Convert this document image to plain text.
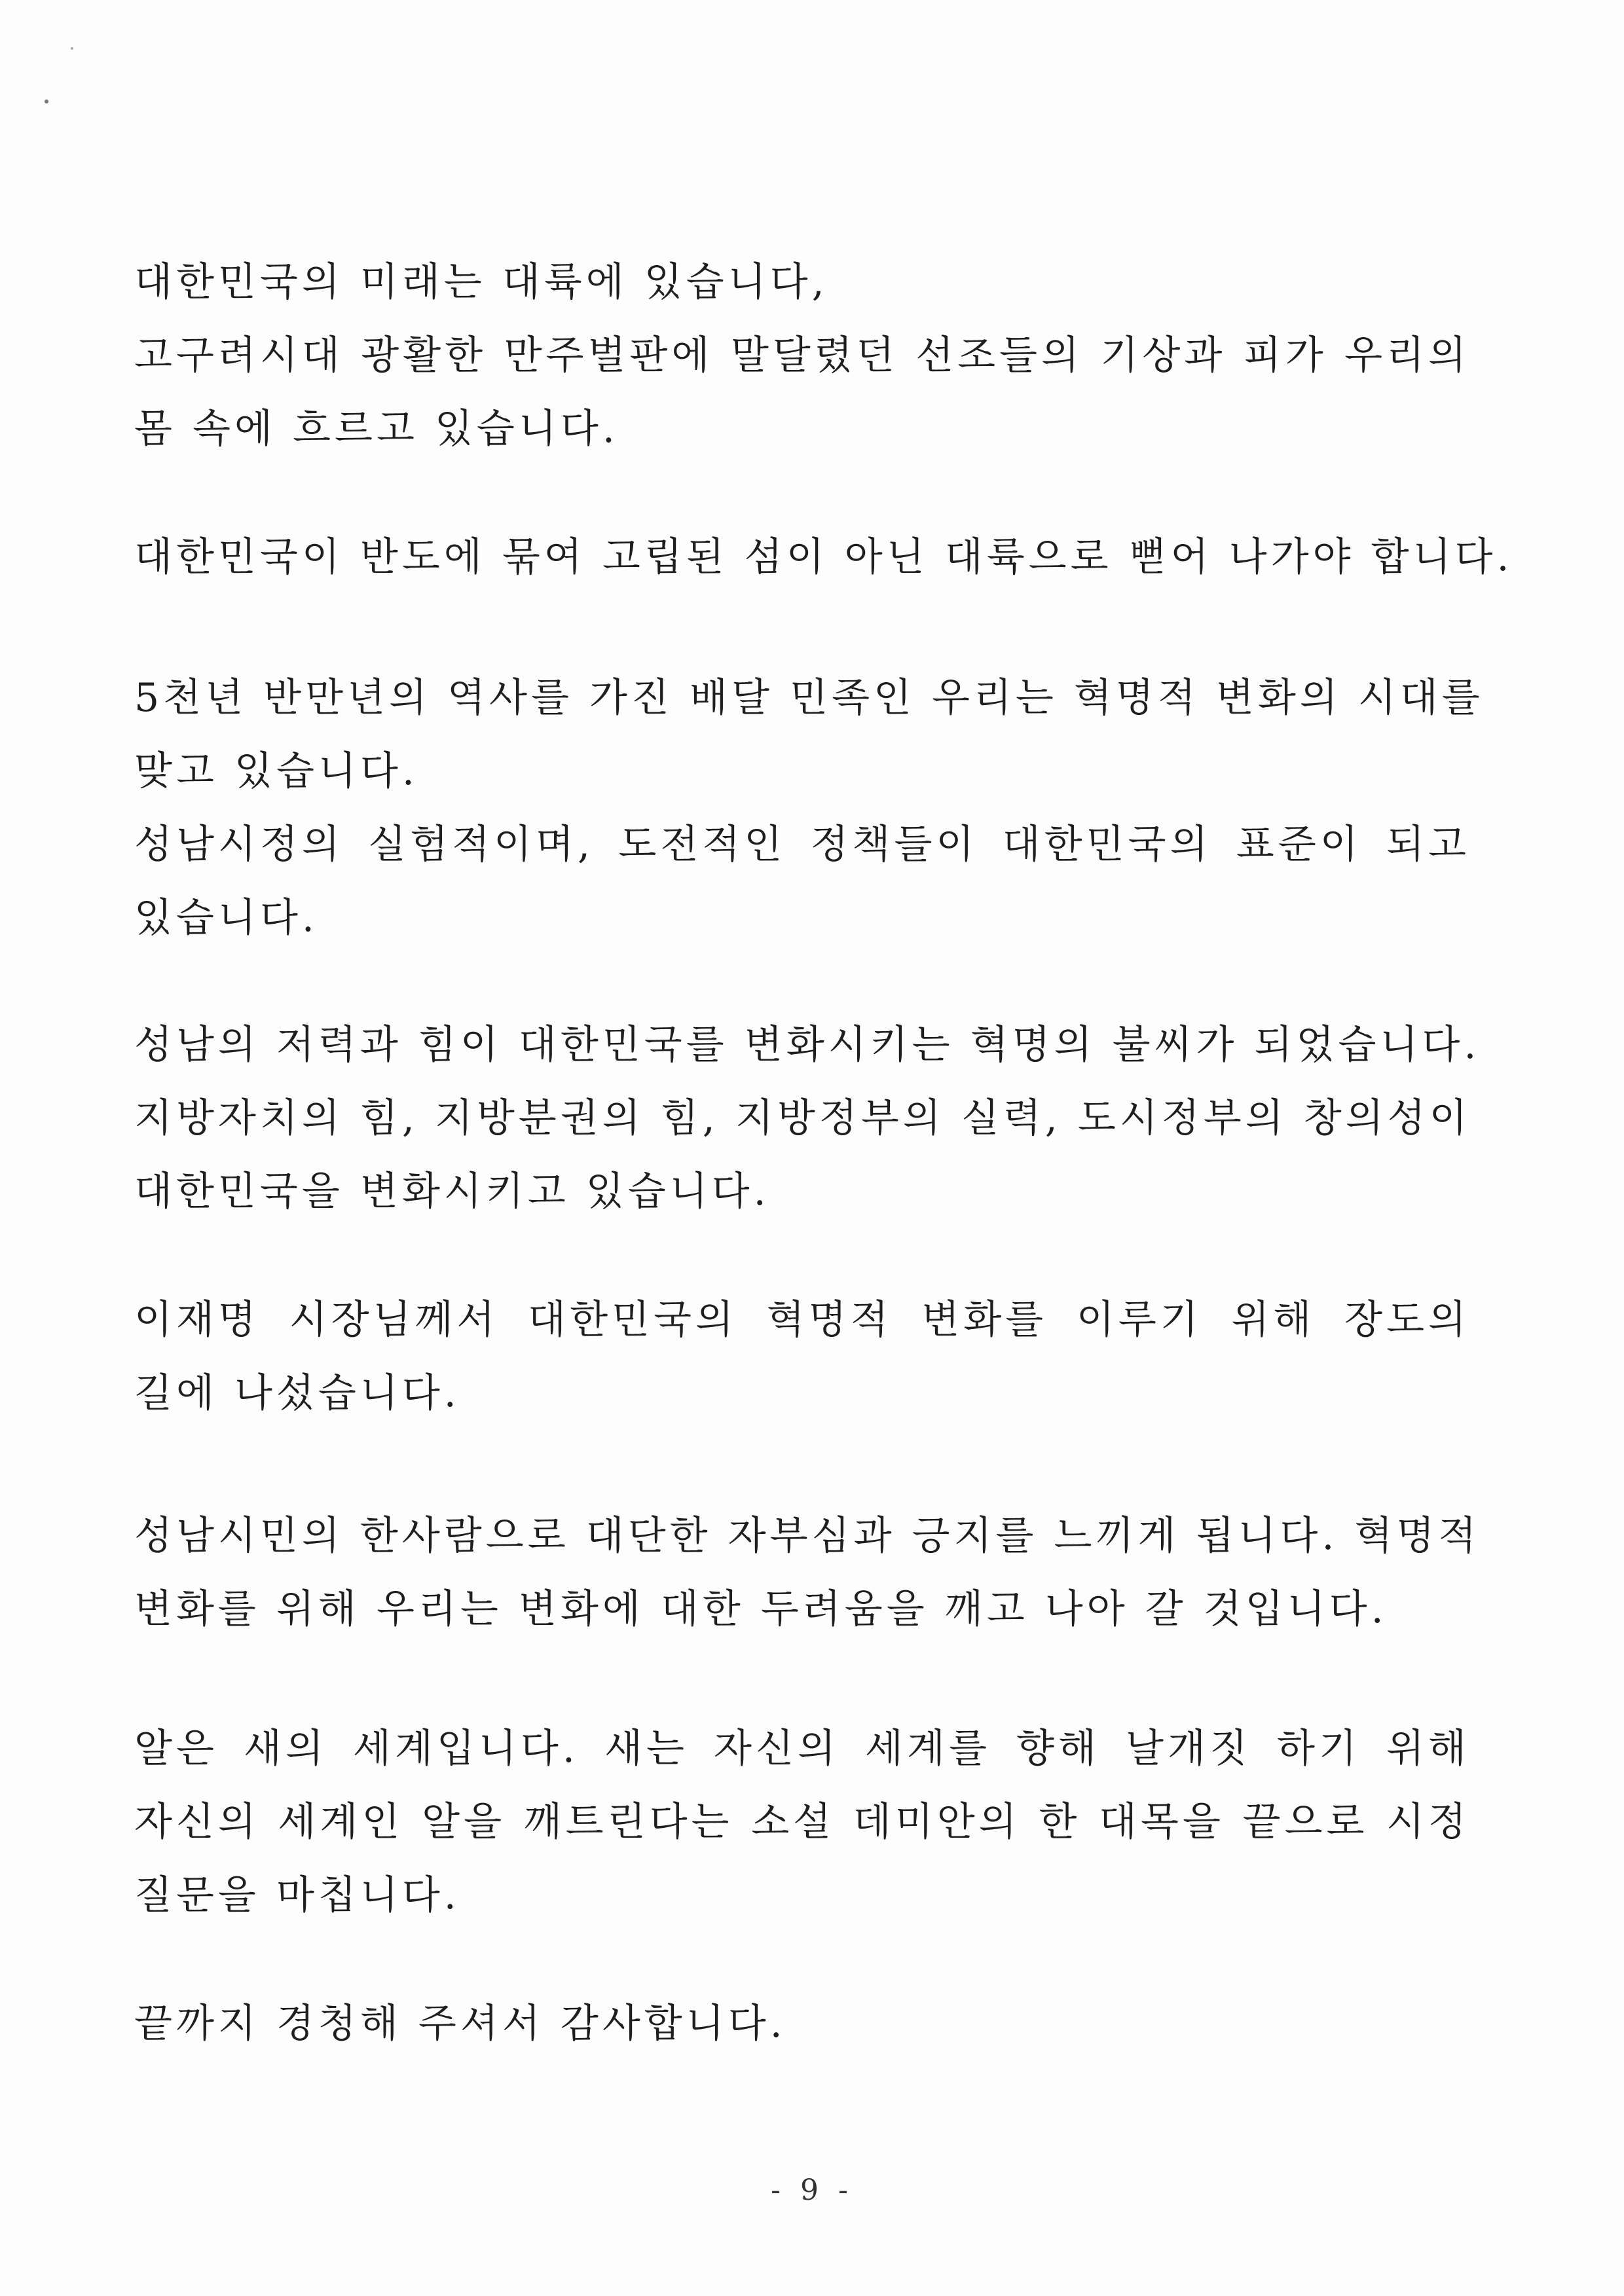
대한민국의 미래는 대륙에 있습니다,
고구려시대 광활한 만주벌판에 말달렸던 선조들의 기상과 피가 우리의
몸 속에 흐르고 있습니다.
대한민국이 반도에 묶여 고립된 섬이 아닌 대륙으로 뻗어 나가야 합니다.
5천년 반만년의 역사를 가진 배달 민족인 우리는 혁명적 변화의 시대를
맞고 있습니다.
성남시정의 실험적이며, 도전적인 정책들이 대한민국의 표준이 되고
있습니다.
성남의 저력과 힘이 대한민국를 변화시키는 혁명의 불씨가 되었습니다.
지방자치의 힘, 지방분권의 힘, 지방정부의 실력, 도시정부의 창의성이
대한민국을 변화시키고 있습니다.
이재명 시장님께서 대한민국의 혁명적 변화를 이루기 위해 장도의
길에 나섰습니다.
성남시민의 한사람으로 대단한 자부심과 긍지를 느끼게 됩니다. 혁명적
변화를 위해 우리는 변화에 대한 두려움을 깨고 나아 갈 것입니다.
알은 새의 세계입니다. 새는 자신의 세계를 향해 날개짓 하기 위해
자신의 세계인 알을 깨트린다는 소설 데미안의 한 대목을 끝으로 시정
질문을 마칩니다.
끝까지 경청해 주셔서 감사합니다.
- 9 -
